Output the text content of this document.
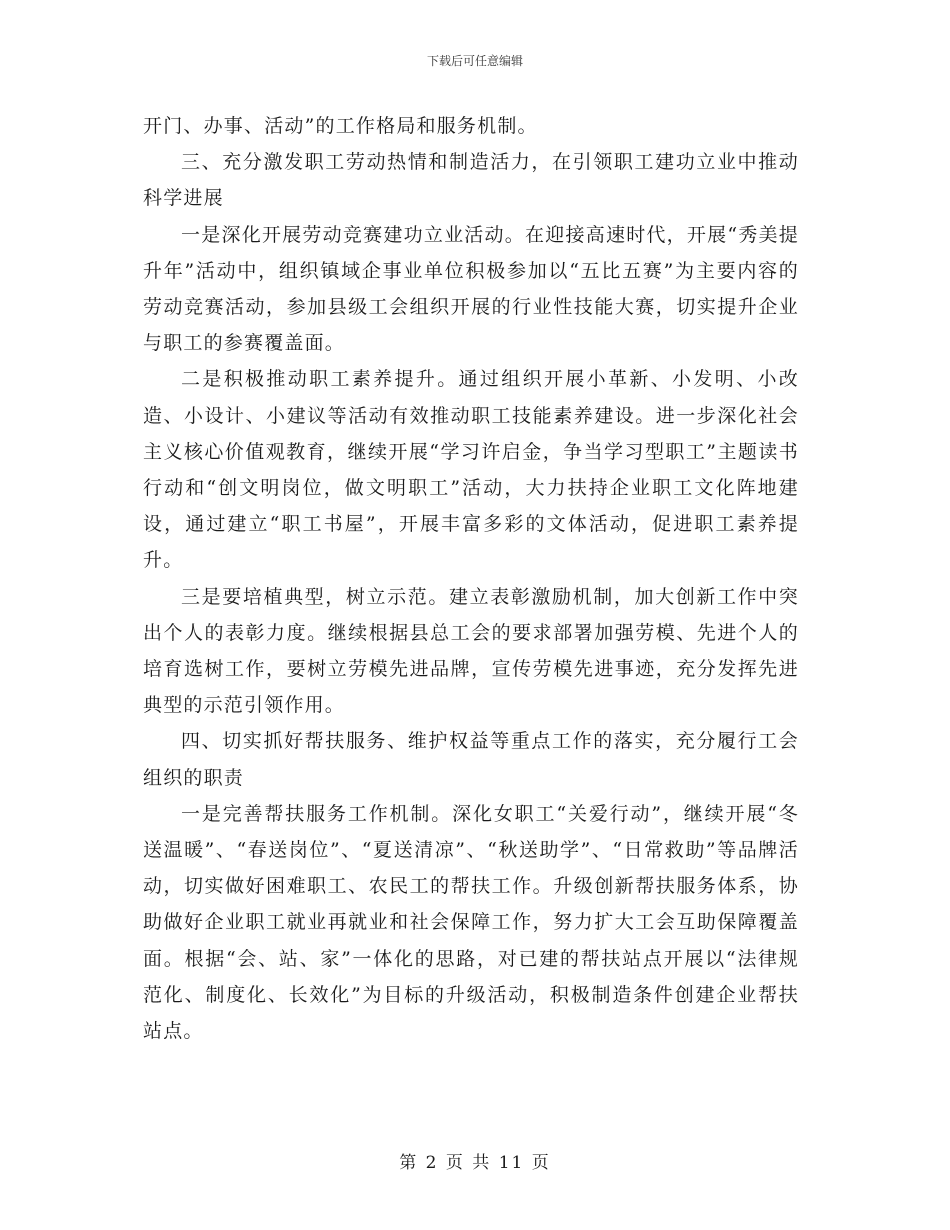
下载后可任意编辑

开门、办事、活动”的工作格局和服务机制。

三、充分激发职工劳动热情和制造活力，在引领职工建功立业中推动科学进展

一是深化开展劳动竞赛建功立业活动。在迎接高速时代，开展“秀美提升年”活动中，组织镇域企事业单位积极参加以“五比五赛”为主要内容的劳动竞赛活动，参加县级工会组织开展的行业性技能大赛，切实提升企业与职工的参赛覆盖面。

二是积极推动职工素养提升。通过组织开展小革新、小发明、小改造、小设计、小建议等活动有效推动职工技能素养建设。进一步深化社会主义核心价值观教育，继续开展“学习许启金，争当学习型职工”主题读书行动和“创文明岗位，做文明职工”活动，大力扶持企业职工文化阵地建设，通过建立“职工书屋”，开展丰富多彩的文体活动，促进职工素养提升。

三是要培植典型，树立示范。建立表彰激励机制，加大创新工作中突出个人的表彰力度。继续根据县总工会的要求部署加强劳模、先进个人的培育选树工作，要树立劳模先进品牌，宣传劳模先进事迹，充分发挥先进典型的示范引领作用。

四、切实抓好帮扶服务、维护权益等重点工作的落实，充分履行工会组织的职责

一是完善帮扶服务工作机制。深化女职工“关爱行动”，继续开展“冬送温暖”、“春送岗位”、“夏送清凉”、“秋送助学”、“日常救助”等品牌活动，切实做好困难职工、农民工的帮扶工作。升级创新帮扶服务体系，协助做好企业职工就业再就业和社会保障工作，努力扩大工会互助保障覆盖面。根据“会、站、家”一体化的思路，对已建的帮扶站点开展以“法律规范化、制度化、长效化”为目标的升级活动，积极制造条件创建企业帮扶站点。

第 2 页 共 11 页
